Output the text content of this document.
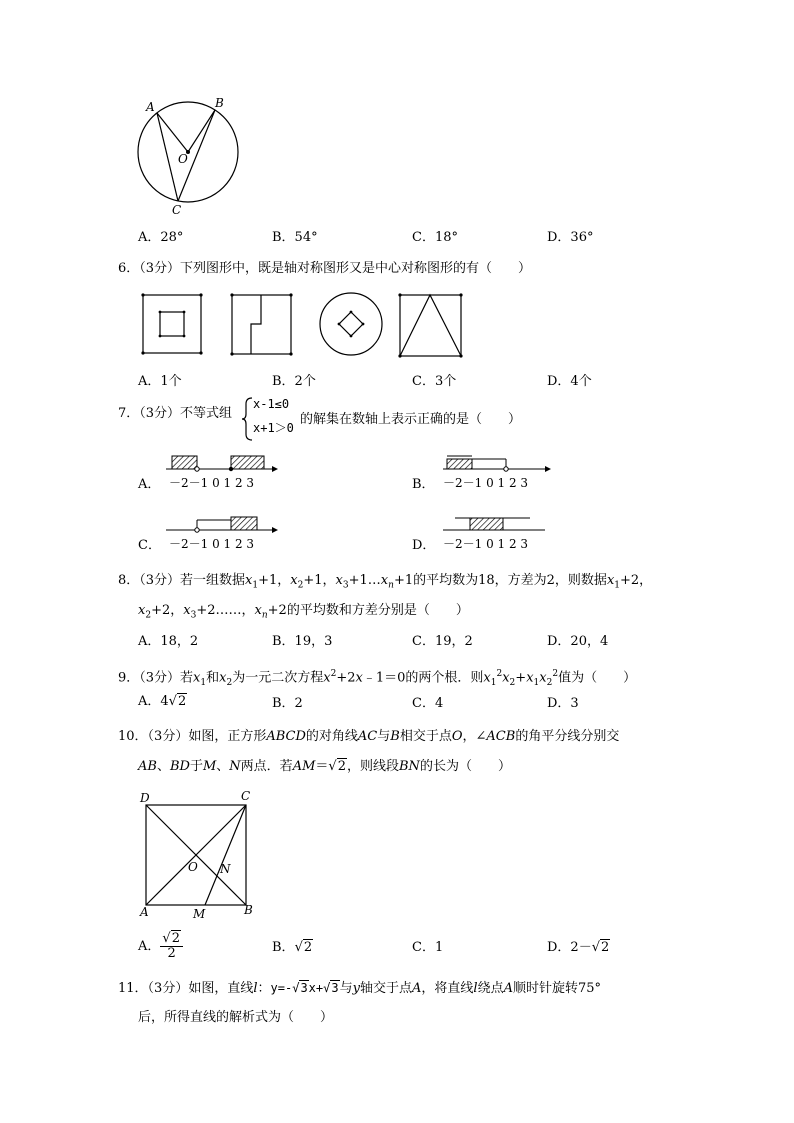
A	B
O
C
A．28°	B．54°	C．18°	D．36°
6．（3分）下列图形中，既是轴对称图形又是中心对称图形的有（　　）
A．1个	B．2个	C．3个	D．4个
7．（3分）不等式组
x-1≤0
x+1＞0
的解集在数轴上表示正确的是（　　）
A． －2－1 0 1 2 3	B． －2－1 0 1 2 3
C． －2－1 0 1 2 3	D． －2－1 0 1 2 3
8．（3分）若一组数据$x_1+1$，$x_2+1$，$x_3+1\dots x_n+1$的平均数为18，方差为2，则数据$x_1+2$，
$x_2+2$，$x_3+2\dots\dots$，$x_n+2$的平均数和方差分别是（　　）
A．18，2	B．19，3	C．19，2	D．20，4
9．（3分）若$x_1$和$x_2$为一元二次方程$x^2+2x﹣1=0$的两个根．则$x_1^2x_2+x_1x_2^2$值为（　　）
A．4√2	B．2	C．4	D．3
10．（3分）如图，正方形ABCD的对角线AC与B相交于点O，∠ACB的角平分线分别交
AB、BD于M、N两点．若AM＝√2，则线段BN的长为（　　）
D	C
O N
A	M	B
A． $\frac{√2}{2}$	B．√2	C．1	D．2－√2
11．（3分）如图，直线l：y=-√3x+√3与y轴交于点A，将直线l绕点A顺时针旋转75°
后，所得直线的解析式为（　　）
